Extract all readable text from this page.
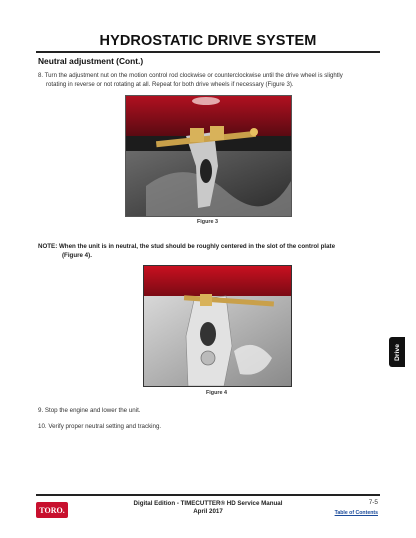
HYDROSTATIC DRIVE SYSTEM
Neutral adjustment (Cont.)
8. Turn the adjustment nut on the motion control rod clockwise or counterclockwise until the drive wheel is slightly
rotating in reverse or not rotating at all. Repeat for both drive wheels if necessary (Figure 3).
Figure 3
NOTE: When the unit is in neutral, the stud should be roughly centered in the slot of the control plate
(Figure 4).
Figure 4
9. Stop the engine and lower the unit.
10. Verify proper neutral setting and tracking.
Drive
TORO.
Digital Edition - TIMECUTTER® HD Service Manual
April 2017
7-5
Table of Contents
